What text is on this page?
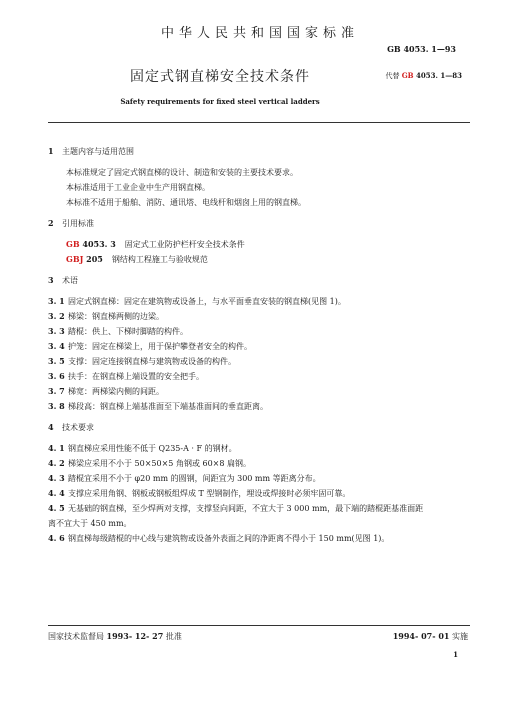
中华人民共和国国家标准
GB 4053. 1—93
固定式钢直梯安全技术条件	代替 GB 4053. 1—83
Safety requirements for fixed steel vertical ladders
1 主题内容与适用范围
本标准规定了固定式钢直梯的设计、制造和安装的主要技术要求。
本标准适用于工业企业中生产用钢直梯。
本标准不适用于船舶、消防、通讯塔、电线杆和烟囱上用的钢直梯。
2 引用标准
GB 4053. 3 固定式工业防护栏杆安全技术条件
GBJ 205 钢结构工程施工与验收规范
3 术语
3. 1 固定式钢直梯：固定在建筑物或设备上，与水平面垂直安装的钢直梯(见图 1)。
3. 2 梯梁：钢直梯两侧的边梁。
3. 3 踏棍：供上、下梯时脚踏的构件。
3. 4 护笼：固定在梯梁上，用于保护攀登者安全的构件。
3. 5 支撑：固定连接钢直梯与建筑物或设备的构件。
3. 6 扶手：在钢直梯上端设置的安全把手。
3. 7 梯宽：两梯梁内侧的间距。
3. 8 梯段高：钢直梯上端基准面至下端基准面间的垂直距离。
4 技术要求
4. 1 钢直梯应采用性能不低于 Q235-A · F 的钢材。
4. 2 梯梁应采用不小于 50×50×5 角钢或 60×8 扁钢。
4. 3 踏棍宜采用不小于 φ20 mm 的圆钢，间距宜为 300 mm 等距离分布。
4. 4 支撑应采用角钢、钢板或钢板组焊成 T 型钢制作，埋设或焊接时必须牢固可靠。
4. 5 无基础的钢直梯，至少焊两对支撑，支撑竖向间距，不宜大于 3 000 mm，最下端的踏棍距基准面距
离不宜大于 450 mm。
4. 6 钢直梯每级踏棍的中心线与建筑物或设备外表面之间的净距离不得小于 150 mm(见图 1)。
国家技术监督局 1993- 12- 27 批准	1994- 07- 01 实施
1
